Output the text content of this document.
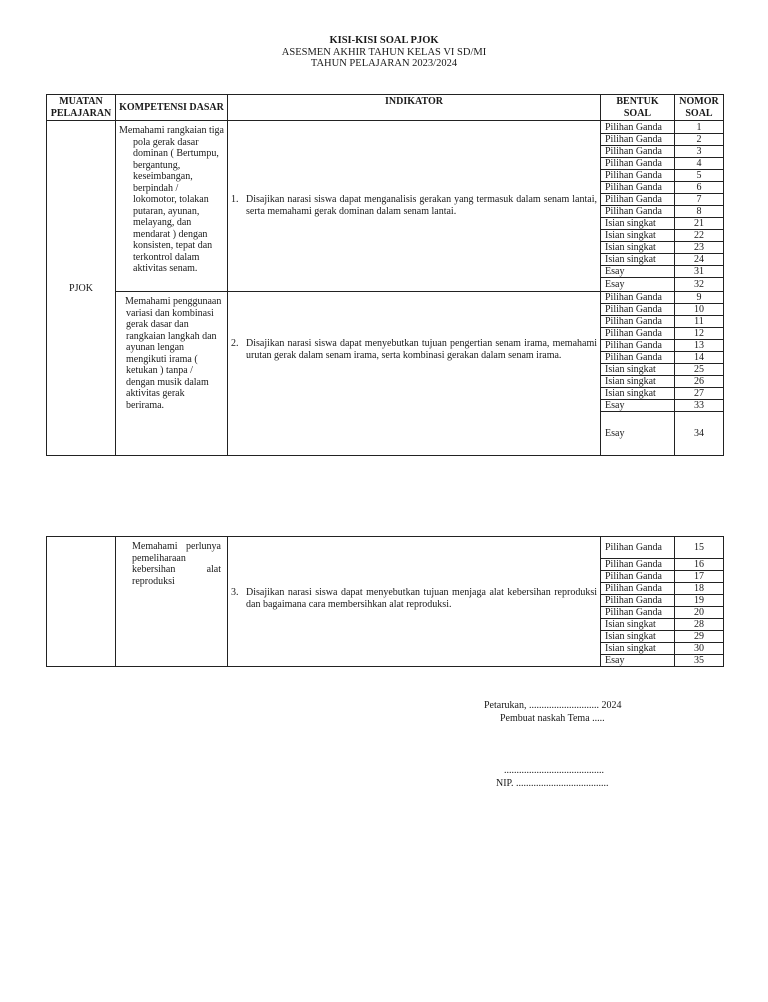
KISI-KISI SOAL PJOK
ASESMEN AKHIR TAHUN KELAS VI SD/MI
TAHUN PELAJARAN 2023/2024
MUATAN PELAJARAN	KOMPETENSI DASAR	INDIKATOR	BENTUK SOAL	NOMOR SOAL
PJOK	Memahami rangkaian tiga pola gerak dasar dominan ( Bertumpu, bergantung, keseimbangan, berpindah / lokomotor, tolakan putaran, ayunan, melayang, dan mendarat ) dengan konsisten, tepat dan terkontrol dalam aktivitas senam.	1. Disajikan narasi siswa dapat menganalisis gerakan yang termasuk dalam senam lantai, serta memahami gerak dominan dalam senam lantai.	Pilihan Ganda	1
			Pilihan Ganda	2
			Pilihan Ganda	3
			Pilihan Ganda	4
			Pilihan Ganda	5
			Pilihan Ganda	6
			Pilihan Ganda	7
			Pilihan Ganda	8
			Isian singkat	21
			Isian singkat	22
			Isian singkat	23
			Isian singkat	24
			Esay	31
			Esay	32
	Memahami penggunaan variasi dan kombinasi gerak dasar dan rangkaian langkah dan ayunan lengan mengikuti irama ( ketukan ) tanpa / dengan musik dalam aktivitas gerak berirama.	2. Disajikan narasi siswa dapat menyebutkan tujuan pengertian senam irama, memahami urutan gerak dalam senam irama, serta kombinasi gerakan dalam senam irama.	Pilihan Ganda	9
			Pilihan Ganda	10
			Pilihan Ganda	11
			Pilihan Ganda	12
			Pilihan Ganda	13
			Pilihan Ganda	14
			Isian singkat	25
			Isian singkat	26
			Isian singkat	27
			Esay	33
			Esay	34
	Memahami perlunya pemeliharaan kebersihan alat reproduksi	3. Disajikan narasi siswa dapat menyebutkan tujuan menjaga alat kebersihan reproduksi dan bagaimana cara membersihkan alat reproduksi.	Pilihan Ganda	15
			Pilihan Ganda	16
			Pilihan Ganda	17
			Pilihan Ganda	18
			Pilihan Ganda	19
			Pilihan Ganda	20
			Isian singkat	28
			Isian singkat	29
			Isian singkat	30
			Esay	35
Petarukan, ............................ 2024
Pembuat naskah Tema .....
........................................
NIP. .....................................
